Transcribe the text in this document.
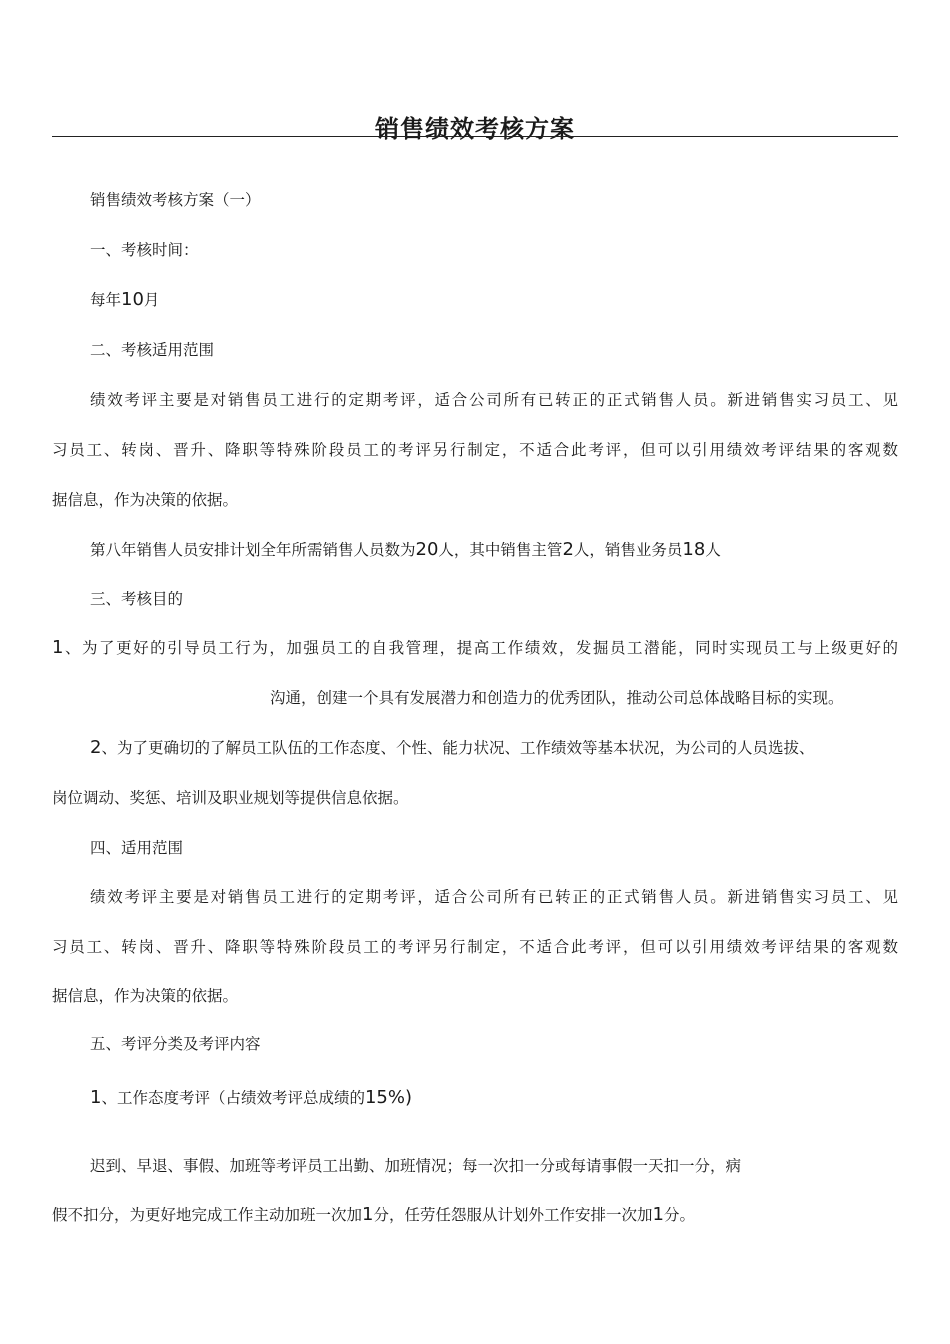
销售绩效考核方案
销售绩效考核方案（一）
一、考核时间：
每年10月
二、考核适用范围
绩效考评主要是对销售员工进行的定期考评，适合公司所有已转正的正式销售人员。新进销售实习员工、见
习员工、转岗、晋升、降职等特殊阶段员工的考评另行制定，不适合此考评，但可以引用绩效考评结果的客观数
据信息，作为决策的依据。
第八年销售人员安排计划全年所需销售人员数为20人，其中销售主管2人，销售业务员18人
三、考核目的
1、为了更好的引导员工行为，加强员工的自我管理，提高工作绩效，发掘员工潜能，同时实现员工与上级更好的
沟通，创建一个具有发展潜力和创造力的优秀团队，推动公司总体战略目标的实现。
2、为了更确切的了解员工队伍的工作态度、个性、能力状况、工作绩效等基本状况，为公司的人员选拔、
岗位调动、奖惩、培训及职业规划等提供信息依据。
四、适用范围
绩效考评主要是对销售员工进行的定期考评，适合公司所有已转正的正式销售人员。新进销售实习员工、见
习员工、转岗、晋升、降职等特殊阶段员工的考评另行制定，不适合此考评，但可以引用绩效考评结果的客观数
据信息，作为决策的依据。
五、考评分类及考评内容
1、工作态度考评（占绩效考评总成绩的15%)
迟到、早退、事假、加班等考评员工出勤、加班情况；每一次扣一分或每请事假一天扣一分，病
假不扣分，为更好地完成工作主动加班一次加1分，任劳任怨服从计划外工作安排一次加1分。
